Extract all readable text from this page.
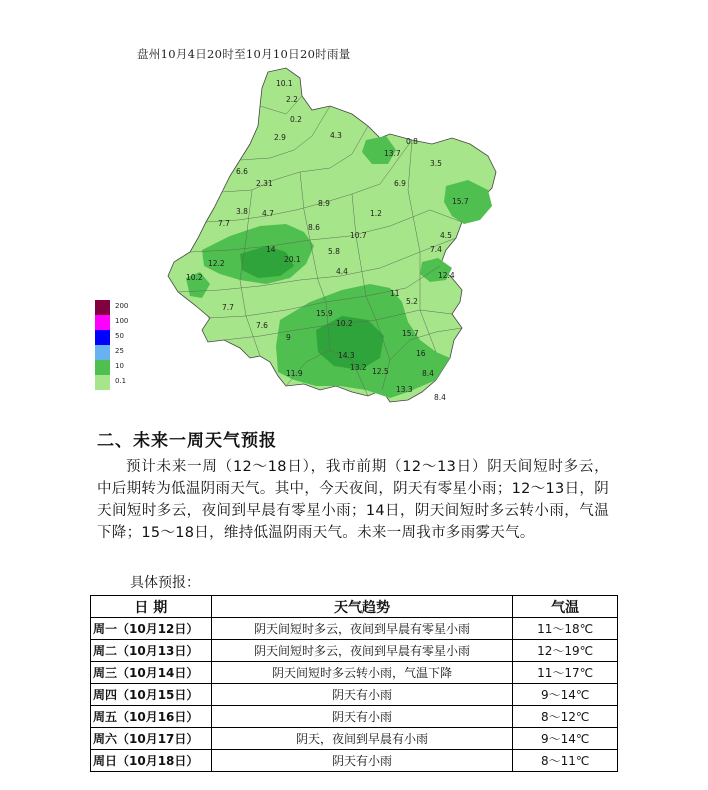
盘州10月4日20时至10月10日20时雨量
10.1
2.2
0.2
2.9	4.3
0.8
13.7
3.5
6.6
2.31	6.9
15.7
8.9
3.8 4.7	1.2
7.7	8.6
10.7	4.5
14
20.1
5.8	7.4
12.2
4.4	12.4
10.2
11
5.2
7.7
15.9
10.2
7.6
15.7
9
14.3	16
11.9
13.2 12.5	8.4
8.4
13.3
200
100
50
25
10
0.1
二、未来一周天气预报
预计未来一周（12～18日），我市前期（12～13日）阴天间短时多云，中后期转为低温阴雨天气。其中，今天夜间，阴天有零星小雨；12～13日，阴天间短时多云，夜间到早晨有零星小雨；14日，阴天间短时多云转小雨，气温下降；15～18日，维持低温阴雨天气。未来一周我市多雨雾天气。
具体预报：
日 期	天气趋势	气温
周一（10月12日）	阴天间短时多云，夜间到早晨有零星小雨	11～18℃
周二（10月13日）	阴天间短时多云，夜间到早晨有零星小雨	12～19℃
周三（10月14日）	阴天间短时多云转小雨，气温下降	11～17℃
周四（10月15日）	阴天有小雨	9～14℃
周五（10月16日）	阴天有小雨	8～12℃
周六（10月17日）	阴天，夜间到早晨有小雨	9～14℃
周日（10月18日）	阴天有小雨	8～11℃
